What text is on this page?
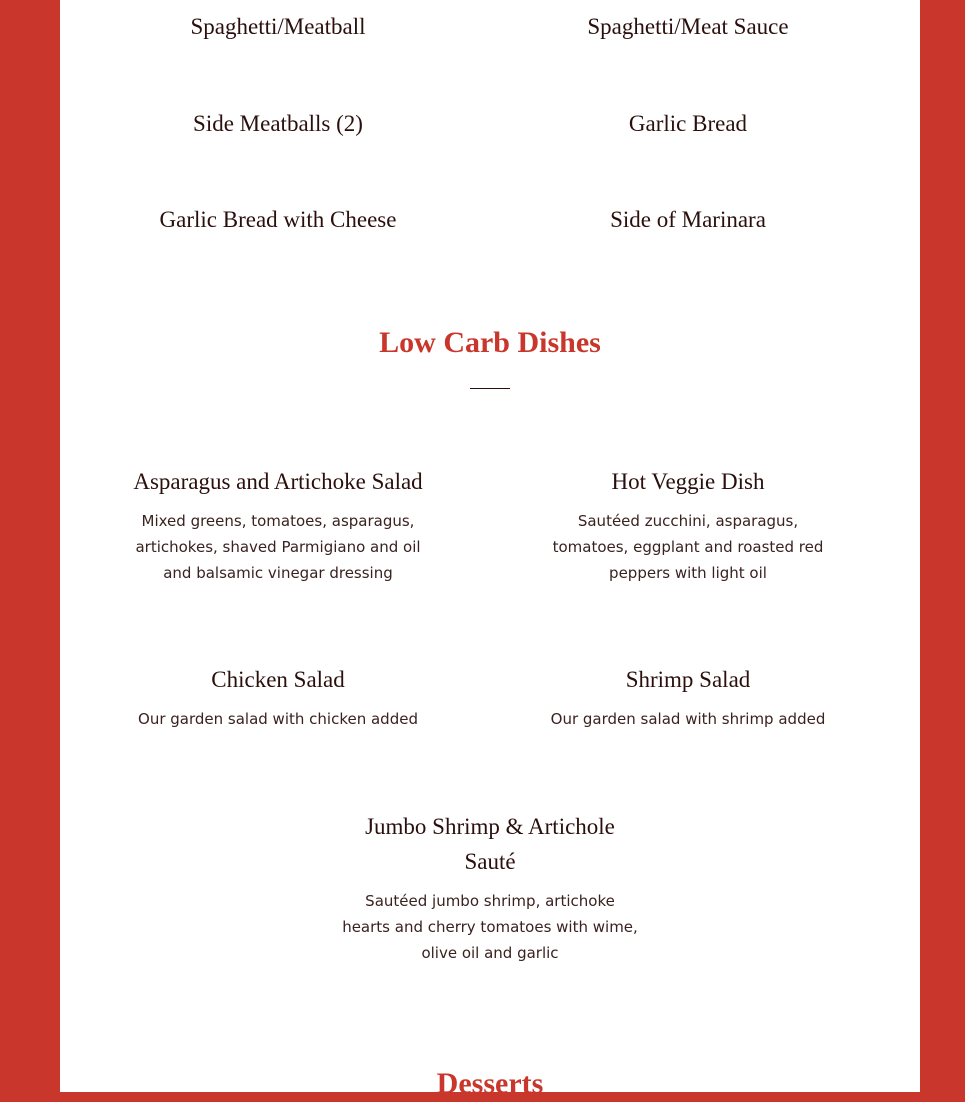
Spaghetti/Meatball	Spaghetti/Meat Sauce

Side Meatballs (2)	Garlic Bread

Garlic Bread with Cheese	Side of Marinara

Low Carb Dishes

Asparagus and Artichoke Salad

Mixed greens, tomatoes, asparagus, artichokes, shaved Parmigiano and oil and balsamic vinegar dressing

Hot Veggie Dish

Sautéed zucchini, asparagus, tomatoes, eggplant and roasted red peppers with light oil

Chicken Salad

Our garden salad with chicken added

Shrimp Salad

Our garden salad with shrimp added

Jumbo Shrimp & Artichole Sauté

Sautéed jumbo shrimp, artichoke hearts and cherry tomatoes with wime, olive oil and garlic

Desserts
